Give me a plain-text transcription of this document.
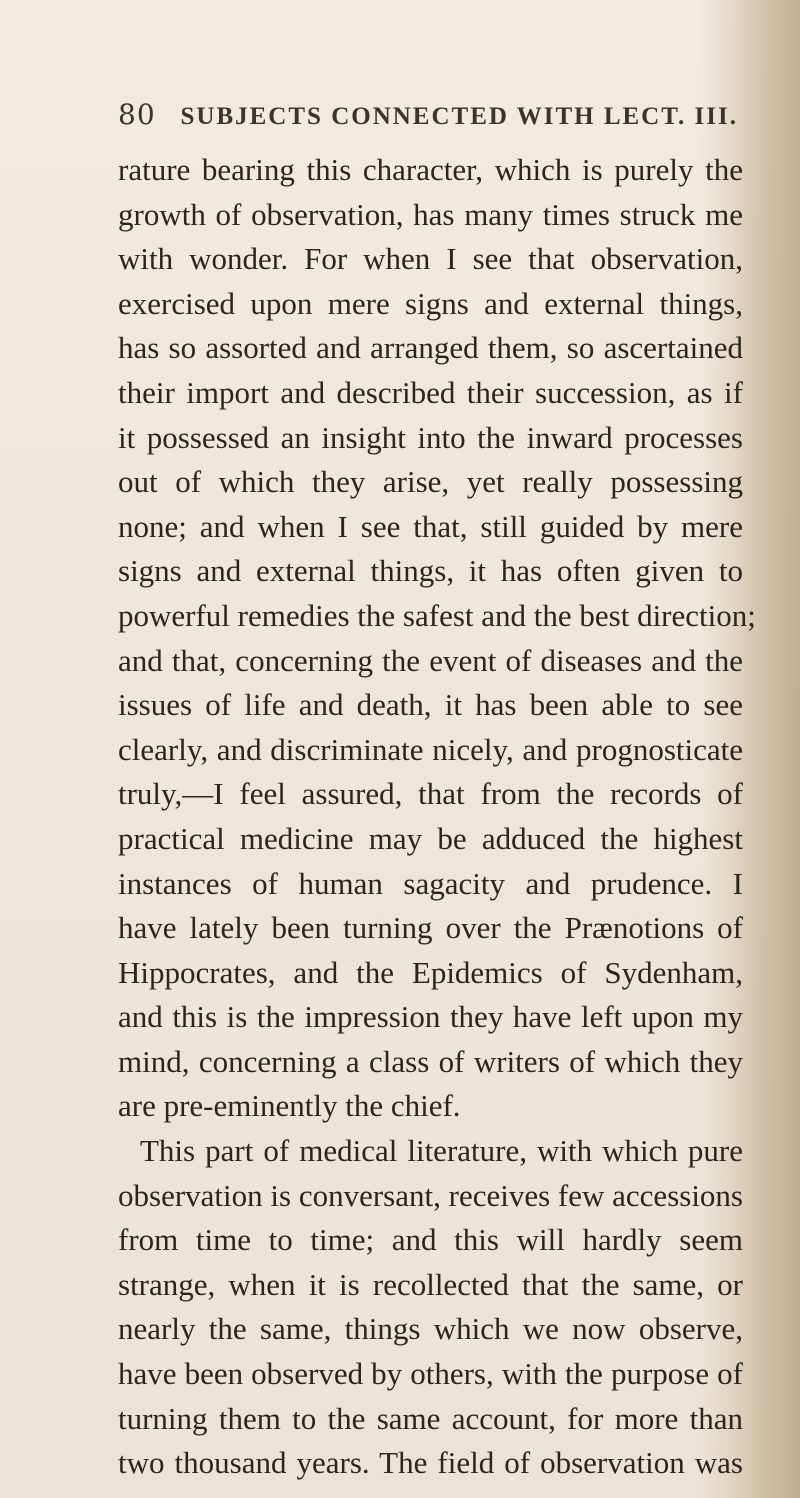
80 SUBJECTS CONNECTED WITH LECT. III.
rature bearing this character, which is purely the
growth of observation, has many times struck me
with wonder. For when I see that observation,
exercised upon mere signs and external things,
has so assorted and arranged them, so ascertained
their import and described their succession, as if
it possessed an insight into the inward processes
out of which they arise, yet really possessing
none; and when I see that, still guided by mere
signs and external things, it has often given to
powerful remedies the safest and the best direction;
and that, concerning the event of diseases and the
issues of life and death, it has been able to see
clearly, and discriminate nicely, and prognosticate
truly,—I feel assured, that from the records of
practical medicine may be adduced the highest
instances of human sagacity and prudence. I
have lately been turning over the Prænotions of
Hippocrates, and the Epidemics of Sydenham,
and this is the impression they have left upon my
mind, concerning a class of writers of which they
are pre-eminently the chief.
This part of medical literature, with which pure
observation is conversant, receives few accessions
from time to time; and this will hardly seem
strange, when it is recollected that the same, or
nearly the same, things which we now observe,
have been observed by others, with the purpose of
turning them to the same account, for more than
two thousand years. The field of observation was
